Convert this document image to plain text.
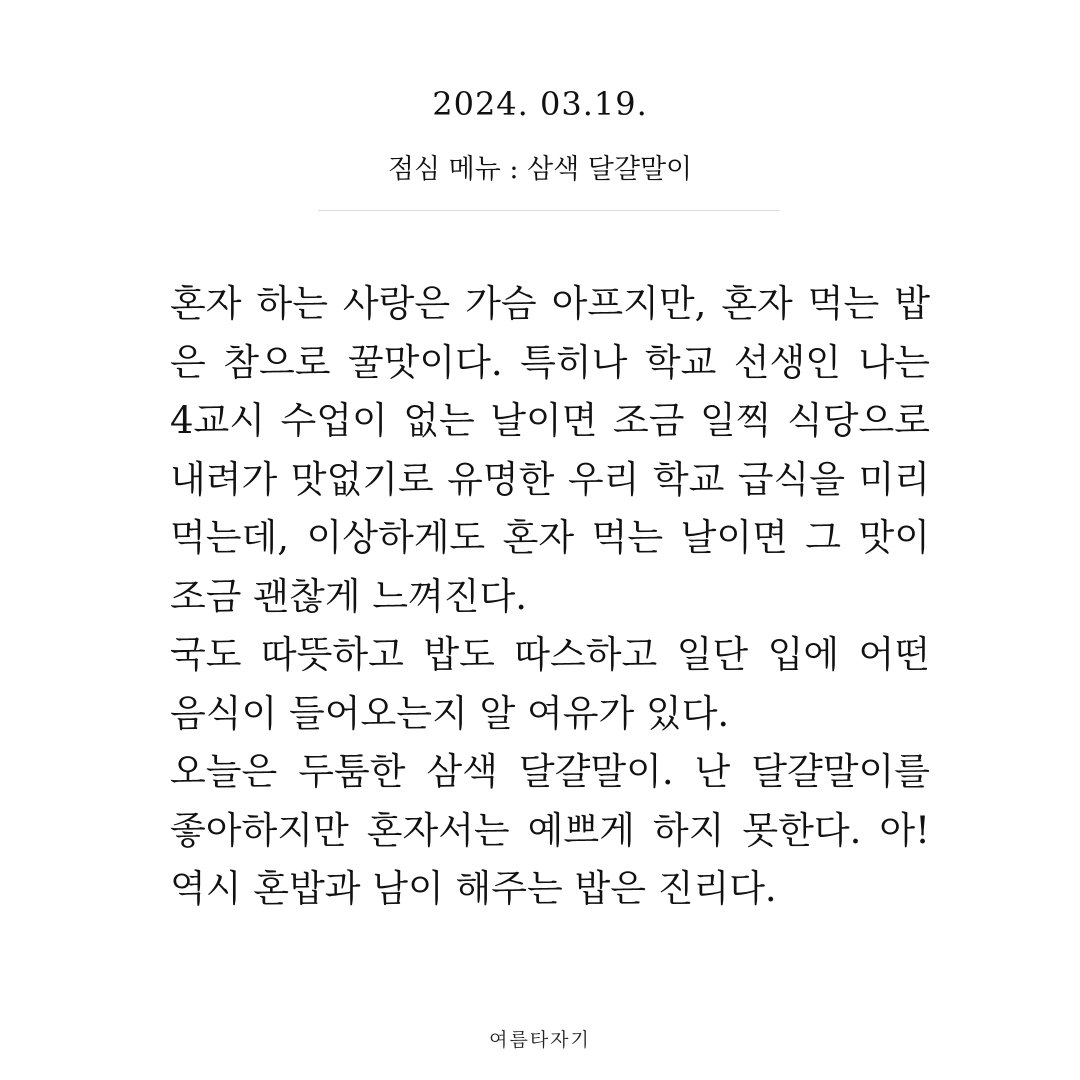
2024. 03.19.
점심 메뉴 : 삼색 달걀말이

혼자 하는 사랑은 가슴 아프지만, 혼자 먹는 밥은 참으로 꿀맛이다. 특히나 학교 선생인 나는 4교시 수업이 없는 날이면 조금 일찍 식당으로 내려가 맛없기로 유명한 우리 학교 급식을 미리 먹는데, 이상하게도 혼자 먹는 날이면 그 맛이 조금 괜찮게 느껴진다.

국도 따뜻하고 밥도 따스하고 일단 입에 어떤 음식이 들어오는지 알 여유가 있다.

오늘은 두툼한 삼색 달걀말이. 난 달걀말이를 좋아하지만 혼자서는 예쁘게 하지 못한다. 아! 역시 혼밥과 남이 해주는 밥은 진리다.

여름타자기
